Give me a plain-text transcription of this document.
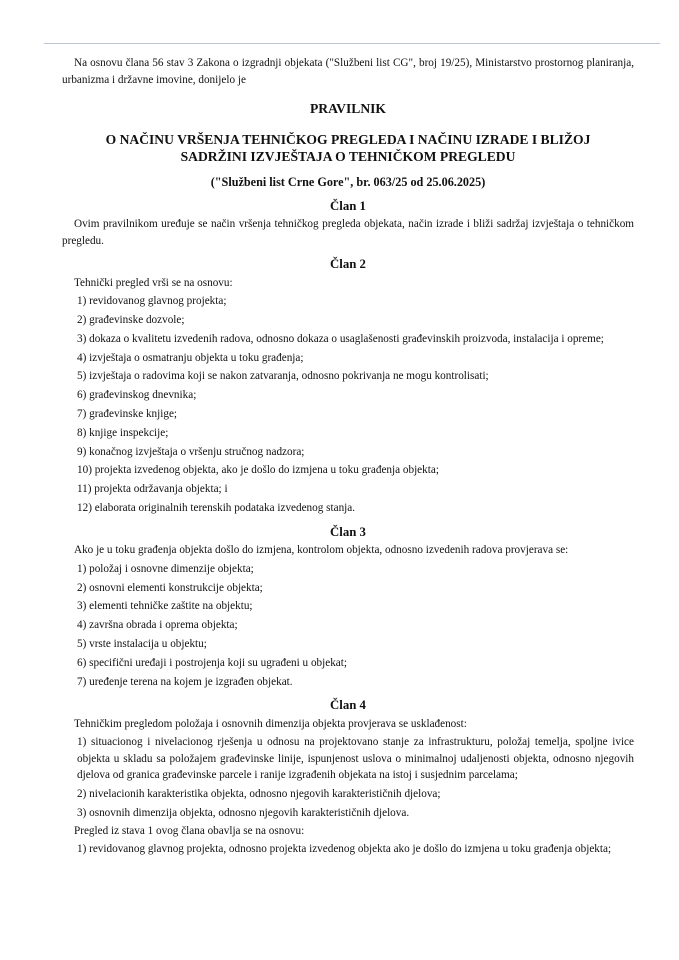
Na osnovu člana 56 stav 3 Zakona o izgradnji objekata ("Službeni list CG", broj 19/25), Ministarstvo prostornog planiranja, urbanizma i državne imovine, donijelo je

PRAVILNIK
O NAČINU VRŠENJA TEHNIČKOG PREGLEDA I NAČINU IZRADE I BLIŽOJ
SADRŽINI IZVJEŠTAJA O TEHNIČKOM PREGLEDU
("Službeni list Crne Gore", br. 063/25 od 25.06.2025)
Član 1

Ovim pravilnikom uređuje se način vršenja tehničkog pregleda objekata, način izrade i bliži sadržaj izvještaja o tehničkom pregledu.

Član 2

Tehnički pregled vrši se na osnovu:

1) revidovanog glavnog projekta;

2) građevinske dozvole;

3) dokaza o kvalitetu izvedenih radova, odnosno dokaza o usaglašenosti građevinskih proizvoda, instalacija i opreme;

4) izvještaja o osmatranju objekta u toku građenja;

5) izvještaja o radovima koji se nakon zatvaranja, odnosno pokrivanja ne mogu kontrolisati;

6) građevinskog dnevnika;

7) građevinske knjige;

8) knjige inspekcije;

9) konačnog izvještaja o vršenju stručnog nadzora;

10) projekta izvedenog objekta, ako je došlo do izmjena u toku građenja objekta;

11) projekta održavanja objekta; i

12) elaborata originalnih terenskih podataka izvedenog stanja.

Član 3

Ako je u toku građenja objekta došlo do izmjena, kontrolom objekta, odnosno izvedenih radova provjerava se:

1) položaj i osnovne dimenzije objekta;

2) osnovni elementi konstrukcije objekta;

3) elementi tehničke zaštite na objektu;

4) završna obrada i oprema objekta;

5) vrste instalacija u objektu;

6) specifični uređaji i postrojenja koji su ugrađeni u objekat;

7) uređenje terena na kojem je izgrađen objekat.

Član 4

Tehničkim pregledom položaja i osnovnih dimenzija objekta provjerava se usklađenost:

1) situacionog i nivelacionog rješenja u odnosu na projektovano stanje za infrastrukturu, položaj temelja, spoljne ivice objekta u skladu sa položajem građevinske linije, ispunjenost uslova o minimalnoj udaljenosti objekta, odnosno njegovih djelova od granica građevinske parcele i ranije izgrađenih objekata na istoj i susjednim parcelama;

2) nivelacionih karakteristika objekta, odnosno njegovih karakterističnih djelova;

3) osnovnih dimenzija objekta, odnosno njegovih karakterističnih djelova.

Pregled iz stava 1 ovog člana obavlja se na osnovu:

1) revidovanog glavnog projekta, odnosno projekta izvedenog objekta ako je došlo do izmjena u toku građenja objekta;
